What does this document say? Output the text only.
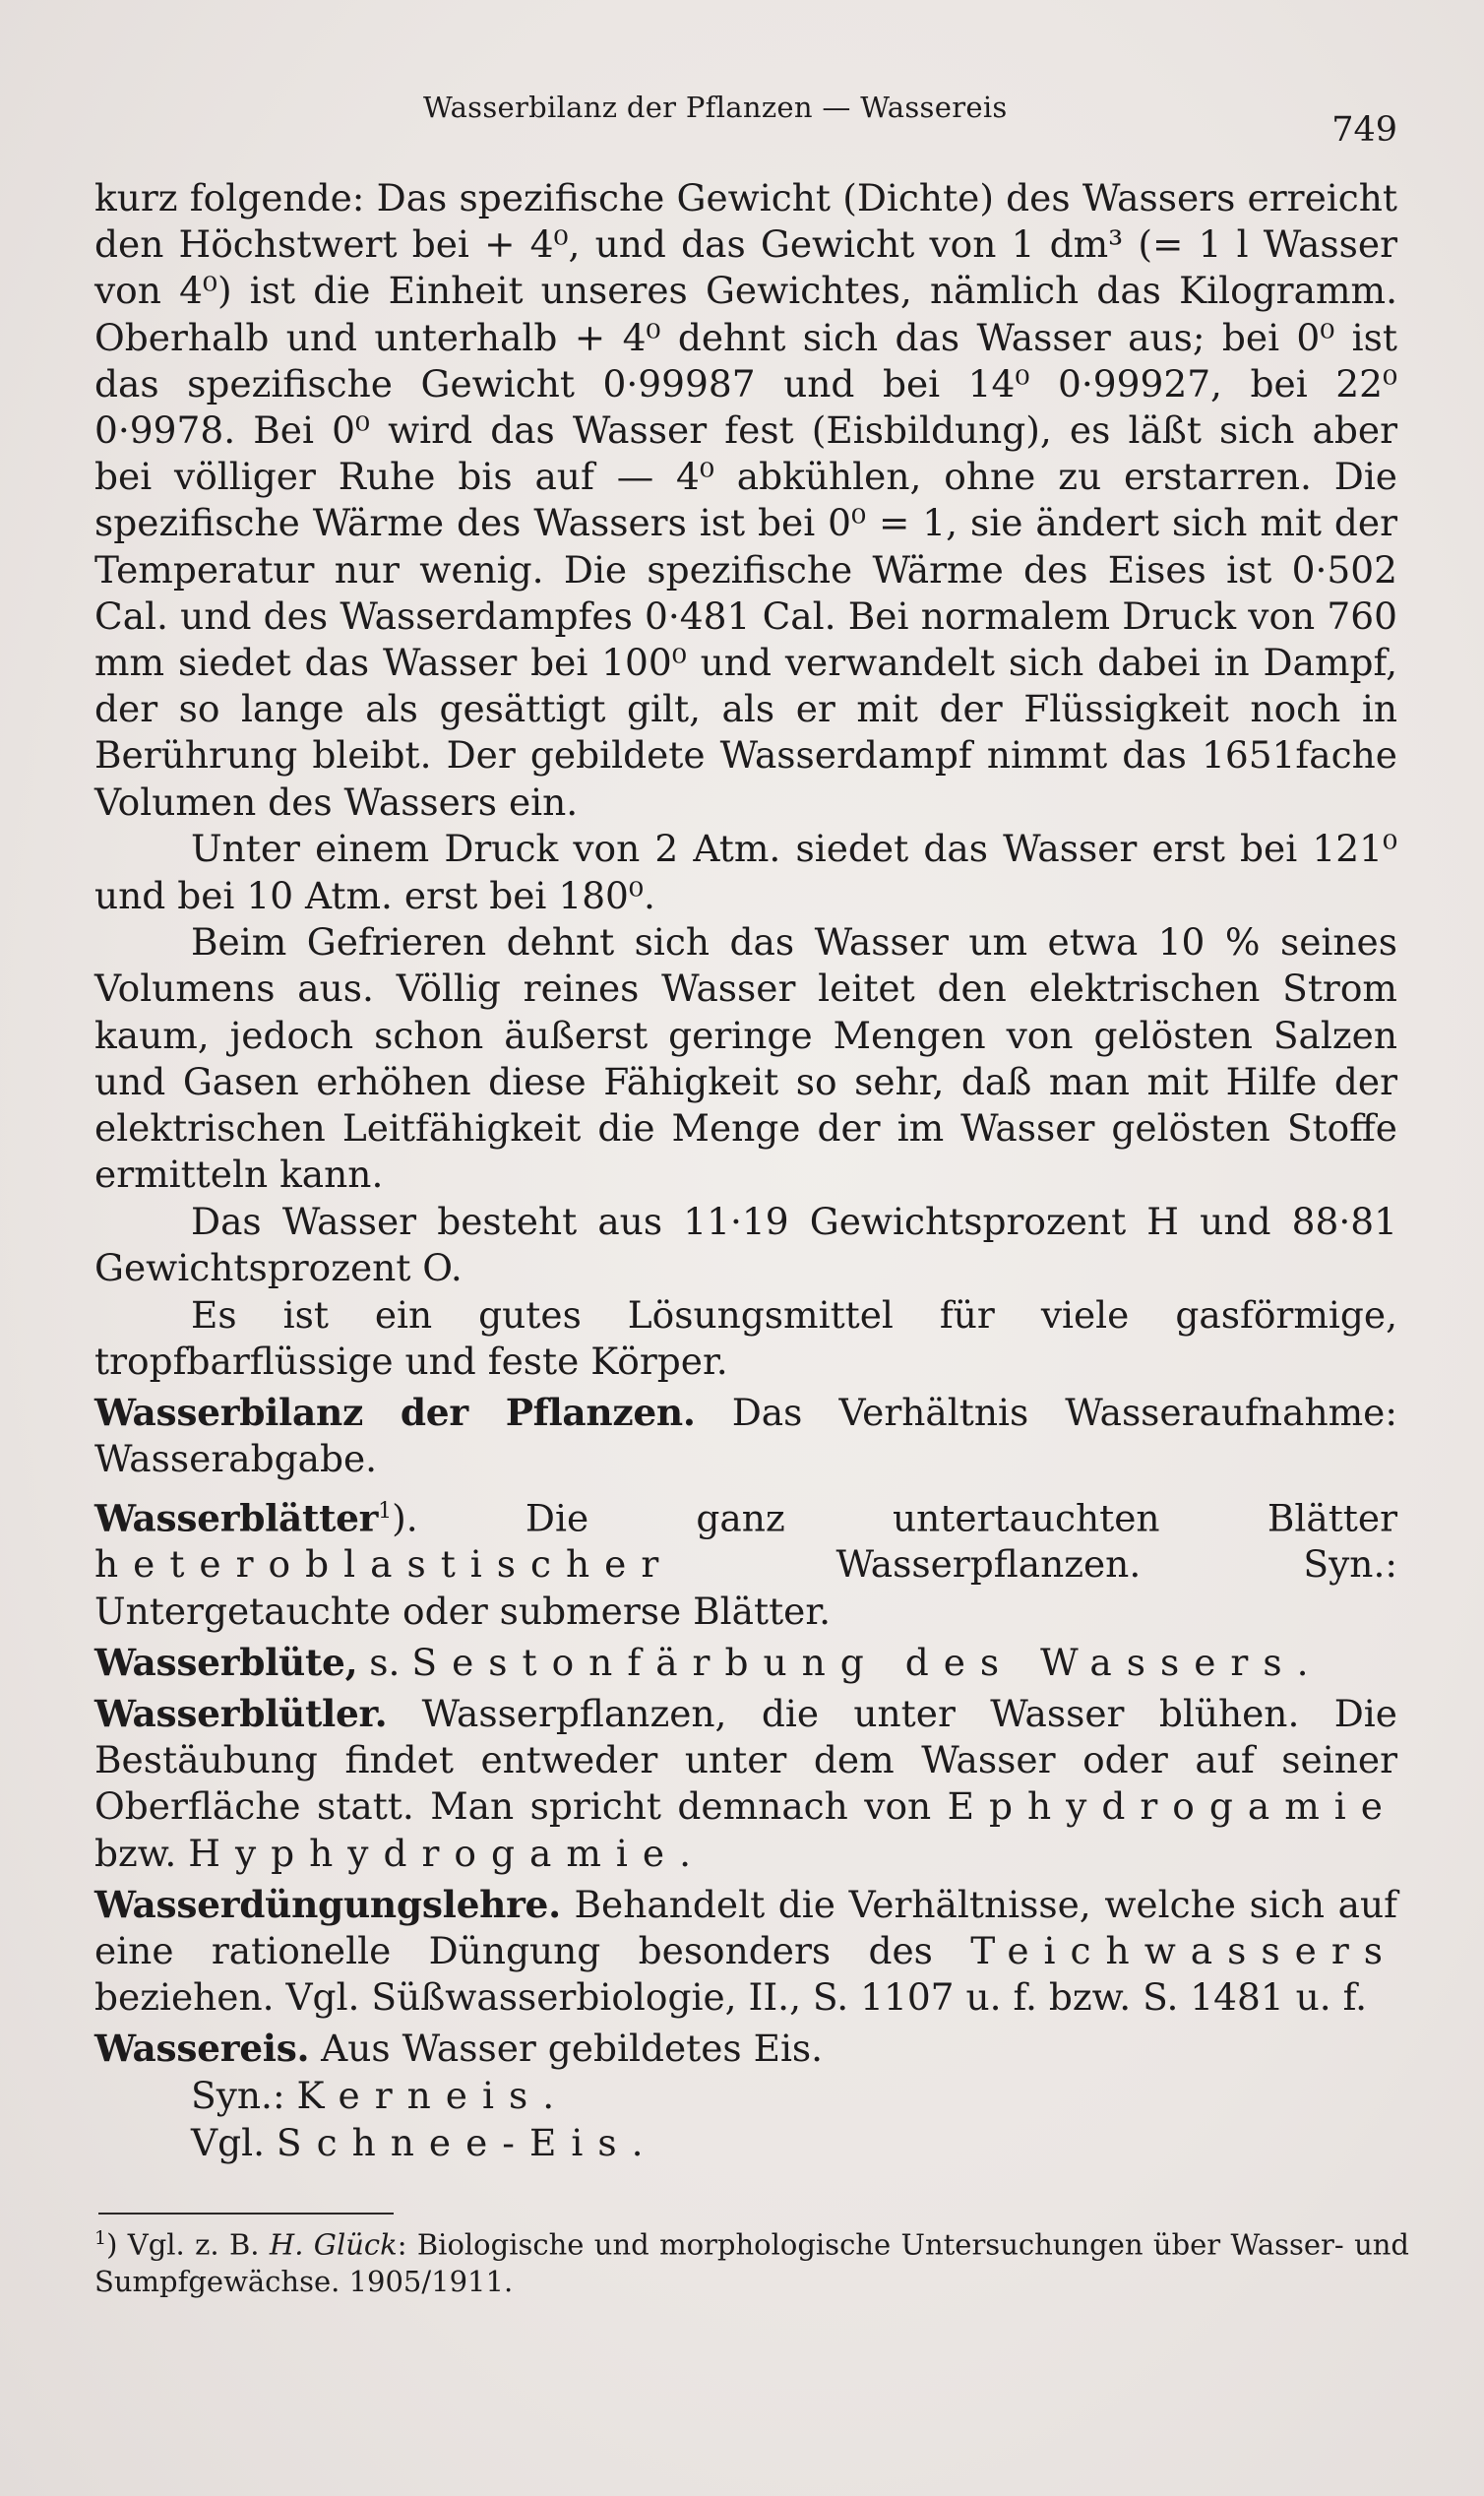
Wasserbilanz der Pflanzen — Wassereis
749

kurz folgende: Das spezifische Gewicht (Dichte) des Wassers erreicht den Höchstwert bei + 4⁰, und das Gewicht von 1 dm³ (= 1 l Wasser von 4⁰) ist die Einheit unseres Gewichtes, nämlich das Kilogramm. Oberhalb und unterhalb + 4⁰ dehnt sich das Wasser aus; bei 0⁰ ist das spezifische Gewicht 0·99987 und bei 14⁰ 0·99927, bei 22⁰ 0·9978. Bei 0⁰ wird das Wasser fest (Eisbildung), es läßt sich aber bei völliger Ruhe bis auf — 4⁰ abkühlen, ohne zu erstarren. Die spezifische Wärme des Wassers ist bei 0⁰ = 1, sie ändert sich mit der Temperatur nur wenig. Die spezifische Wärme des Eises ist 0·502 Cal. und des Wasserdampfes 0·481 Cal. Bei normalem Druck von 760 mm siedet das Wasser bei 100⁰ und verwandelt sich dabei in Dampf, der so lange als gesättigt gilt, als er mit der Flüssigkeit noch in Berührung bleibt. Der gebildete Wasserdampf nimmt das 1651fache Volumen des Wassers ein.

Unter einem Druck von 2 Atm. siedet das Wasser erst bei 121⁰ und bei 10 Atm. erst bei 180⁰.

Beim Gefrieren dehnt sich das Wasser um etwa 10 % seines Volumens aus. Völlig reines Wasser leitet den elektrischen Strom kaum, jedoch schon äußerst geringe Mengen von gelösten Salzen und Gasen erhöhen diese Fähigkeit so sehr, daß man mit Hilfe der elektrischen Leitfähigkeit die Menge der im Wasser gelösten Stoffe ermitteln kann.

Das Wasser besteht aus 11·19 Gewichtsprozent H und 88·81 Gewichtsprozent O.

Es ist ein gutes Lösungsmittel für viele gasförmige, tropfbarflüssige und feste Körper.

Wasserbilanz der Pflanzen. Das Verhältnis Wasseraufnahme: Wasserabgabe.

Wasserblätter$^1$). Die ganz untertauchten Blätter heteroblastischer Wasserpflanzen. Syn.: Untergetauchte oder submerse Blätter.

Wasserblüte, s. Sestonfärbung des Wassers.

Wasserblütler. Wasserpflanzen, die unter Wasser blühen. Die Bestäubung findet entweder unter dem Wasser oder auf seiner Oberfläche statt. Man spricht demnach von Ephydrogamie bzw. Hyphydrogamie.

Wasserdüngungslehre. Behandelt die Verhältnisse, welche sich auf eine rationelle Düngung besonders des Teichwassers beziehen. Vgl. Süßwasserbiologie, II., S. 1107 u. f. bzw. S. 1481 u. f.

Wassereis. Aus Wasser gebildetes Eis.

Syn.: Kerneis.

Vgl. Schnee-Eis.

$^1$) Vgl. z. B. H. Glück: Biologische und morphologische Untersuchungen über Wasser- und Sumpfgewächse. 1905/1911.
